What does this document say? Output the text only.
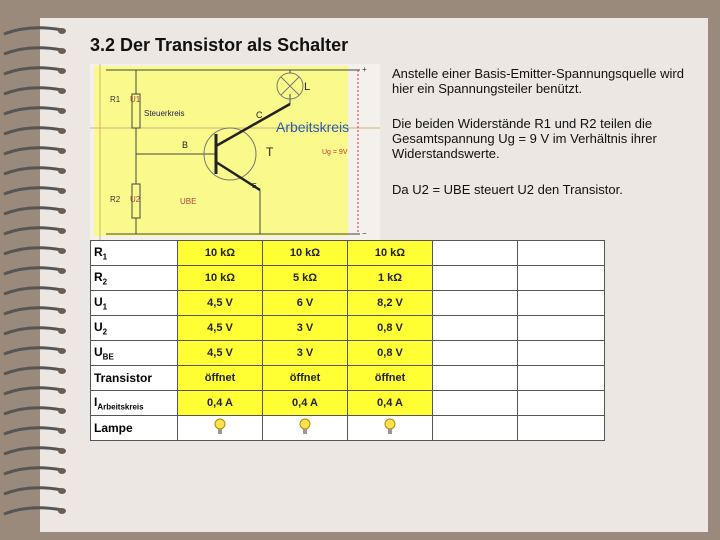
3.2 Der Transistor als Schalter
R1
R2
U1
U2	UBE
Steuerkreis
Arbeitskreis
B
C
E
T
L
Ug = 9V
+
−
Anstelle einer Basis-Emitter-Spannungsquelle wird hier ein Spannungsteiler benützt.
Die beiden Widerstände R1 und R2 teilen die Gesamtspannung Ug = 9 V im Verhältnis ihrer Widerstandswerte.
Da U2 = UBE steuert U2 den Transistor.
$R_1$	10 kΩ	10 kΩ	10 kΩ		
$R_2$	10 kΩ	5 kΩ	1 kΩ		
$U_1$	4,5 V	6 V	8,2 V		
$U_2$	4,5 V	3 V	0,8 V		
$U_{BE}$	4,5 V	3 V	0,8 V		
Transistor	öffnet	öffnet	öffnet		
$I_{Arbeitskreis}$	0,4 A	0,4 A	0,4 A		
Lampe					
